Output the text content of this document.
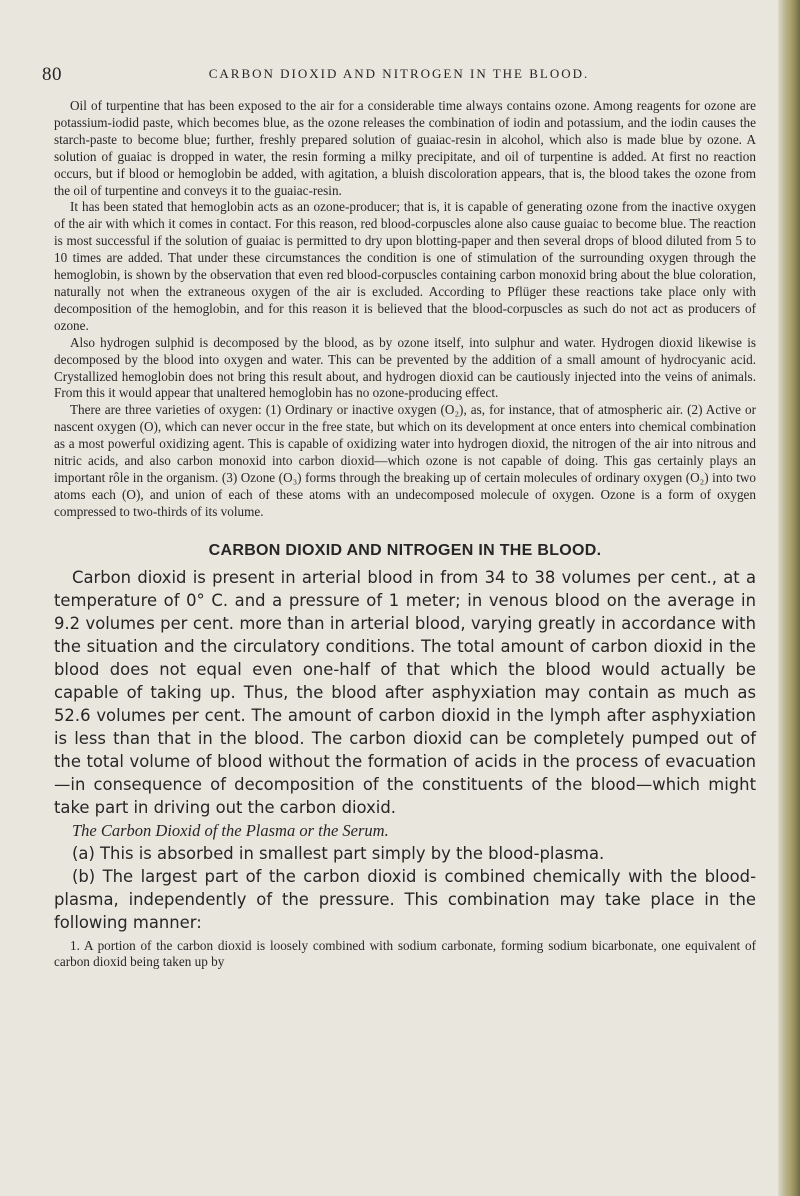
80	CARBON DIOXID AND NITROGEN IN THE BLOOD.

Oil of turpentine that has been exposed to the air for a considerable time always contains ozone. Among reagents for ozone are potassium-iodid paste, which becomes blue, as the ozone releases the combination of iodin and potassium, and the iodin causes the starch-paste to become blue; further, freshly prepared solution of guaiac-resin in alcohol, which also is made blue by ozone. A solution of guaiac is dropped in water, the resin forming a milky precipitate, and oil of turpentine is added. At first no reaction occurs, but if blood or hemoglobin be added, with agitation, a bluish discoloration appears, that is, the blood takes the ozone from the oil of turpentine and conveys it to the guaiac-resin.

It has been stated that hemoglobin acts as an ozone-producer; that is, it is capable of generating ozone from the inactive oxygen of the air with which it comes in contact. For this reason, red blood-corpuscles alone also cause guaiac to become blue. The reaction is most successful if the solution of guaiac is permitted to dry upon blotting-paper and then several drops of blood diluted from 5 to 10 times are added. That under these circumstances the condition is one of stimulation of the surrounding oxygen through the hemoglobin, is shown by the observation that even red blood-corpuscles containing carbon monoxid bring about the blue coloration, naturally not when the extraneous oxygen of the air is excluded. According to Pflüger these reactions take place only with decomposition of the hemoglobin, and for this reason it is believed that the blood-corpuscles as such do not act as producers of ozone.

Also hydrogen sulphid is decomposed by the blood, as by ozone itself, into sulphur and water. Hydrogen dioxid likewise is decomposed by the blood into oxygen and water. This can be prevented by the addition of a small amount of hydrocyanic acid. Crystallized hemoglobin does not bring this result about, and hydrogen dioxid can be cautiously injected into the veins of animals. From this it would appear that unaltered hemoglobin has no ozone-producing effect.

There are three varieties of oxygen: (1) Ordinary or inactive oxygen (O₂), as, for instance, that of atmospheric air. (2) Active or nascent oxygen (O), which can never occur in the free state, but which on its development at once enters into chemical combination as a most powerful oxidizing agent. This is capable of oxidizing water into hydrogen dioxid, the nitrogen of the air into nitrous and nitric acids, and also carbon monoxid into carbon dioxid—which ozone is not capable of doing. This gas certainly plays an important rôle in the organism. (3) Ozone (O₃) forms through the breaking up of certain molecules of ordinary oxygen (O₂) into two atoms each (O), and union of each of these atoms with an undecomposed molecule of oxygen. Ozone is a form of oxygen compressed to two-thirds of its volume.

CARBON DIOXID AND NITROGEN IN THE BLOOD.

Carbon dioxid is present in arterial blood in from 34 to 38 volumes per cent., at a temperature of 0° C. and a pressure of 1 meter; in venous blood on the average in 9.2 volumes per cent. more than in arterial blood, varying greatly in accordance with the situation and the circulatory conditions. The total amount of carbon dioxid in the blood does not equal even one-half of that which the blood would actually be capable of taking up. Thus, the blood after asphyxiation may contain as much as 52.6 volumes per cent. The amount of carbon dioxid in the lymph after asphyxiation is less than that in the blood. The carbon dioxid can be completely pumped out of the total volume of blood without the formation of acids in the process of evacuation—in consequence of decomposition of the constituents of the blood—which might take part in driving out the carbon dioxid.

The Carbon Dioxid of the Plasma or the Serum.

(a) This is absorbed in smallest part simply by the blood-plasma.

(b) The largest part of the carbon dioxid is combined chemically with the blood-plasma, independently of the pressure. This combination may take place in the following manner:

1. A portion of the carbon dioxid is loosely combined with sodium carbonate, forming sodium bicarbonate, one equivalent of carbon dioxid being taken up by
